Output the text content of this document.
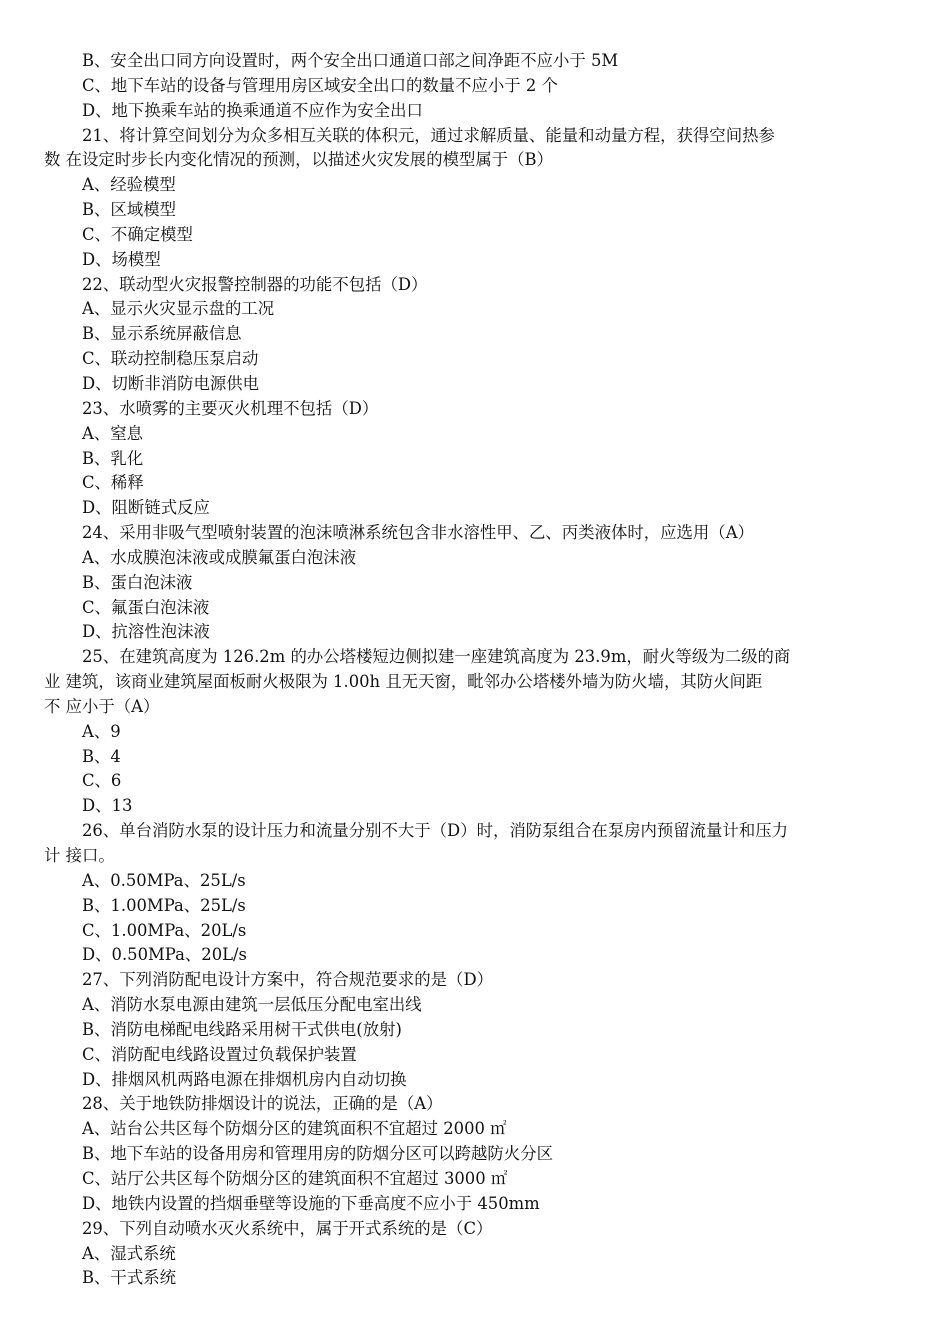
B、安全出口同方向设置时，两个安全出口通道口部之间净距不应小于 5M
C、地下车站的设备与管理用房区域安全出口的数量不应小于 2 个
D、地下换乘车站的换乘通道不应作为安全出口
21、将计算空间划分为众多相互关联的体积元，通过求解质量、能量和动量方程，获得空间热参
数 在设定时步长内变化情况的预测，以描述火灾发展的模型属于（B）
A、经验模型
B、区域模型
C、不确定模型
D、场模型
22、联动型火灾报警控制器的功能不包括（D）
A、显示火灾显示盘的工况
B、显示系统屏蔽信息
C、联动控制稳压泵启动
D、切断非消防电源供电
23、水喷雾的主要灭火机理不包括（D）
A、窒息
B、乳化
C、稀释
D、阻断链式反应
24、采用非吸气型喷射装置的泡沫喷淋系统包含非水溶性甲、乙、丙类液体时，应选用（A）
A、水成膜泡沫液或成膜氟蛋白泡沫液
B、蛋白泡沫液
C、氟蛋白泡沫液
D、抗溶性泡沫液
25、在建筑高度为 126.2m 的办公塔楼短边侧拟建一座建筑高度为 23.9m，耐火等级为二级的商
业 建筑，该商业建筑屋面板耐火极限为 1.00h 且无天窗，毗邻办公塔楼外墙为防火墙，其防火间距
不 应小于（A）
A、9
B、4
C、6
D、13
26、单台消防水泵的设计压力和流量分别不大于（D）时，消防泵组合在泵房内预留流量计和压力
计 接口。
A、0.50MPa、25L/s
B、1.00MPa、25L/s
C、1.00MPa、20L/s
D、0.50MPa、20L/s
27、下列消防配电设计方案中，符合规范要求的是（D）
A、消防水泵电源由建筑一层低压分配电室出线
B、消防电梯配电线路采用树干式供电(放射)
C、消防配电线路设置过负载保护装置
D、排烟风机两路电源在排烟机房内自动切换
28、关于地铁防排烟设计的说法，正确的是（A）
A、站台公共区每个防烟分区的建筑面积不宜超过 2000 ㎡
B、地下车站的设备用房和管理用房的防烟分区可以跨越防火分区
C、站厅公共区每个防烟分区的建筑面积不宜超过 3000 ㎡
D、地铁内设置的挡烟垂壁等设施的下垂高度不应小于 450mm
29、下列自动喷水灭火系统中，属于开式系统的是（C）
A、湿式系统
B、干式系统
